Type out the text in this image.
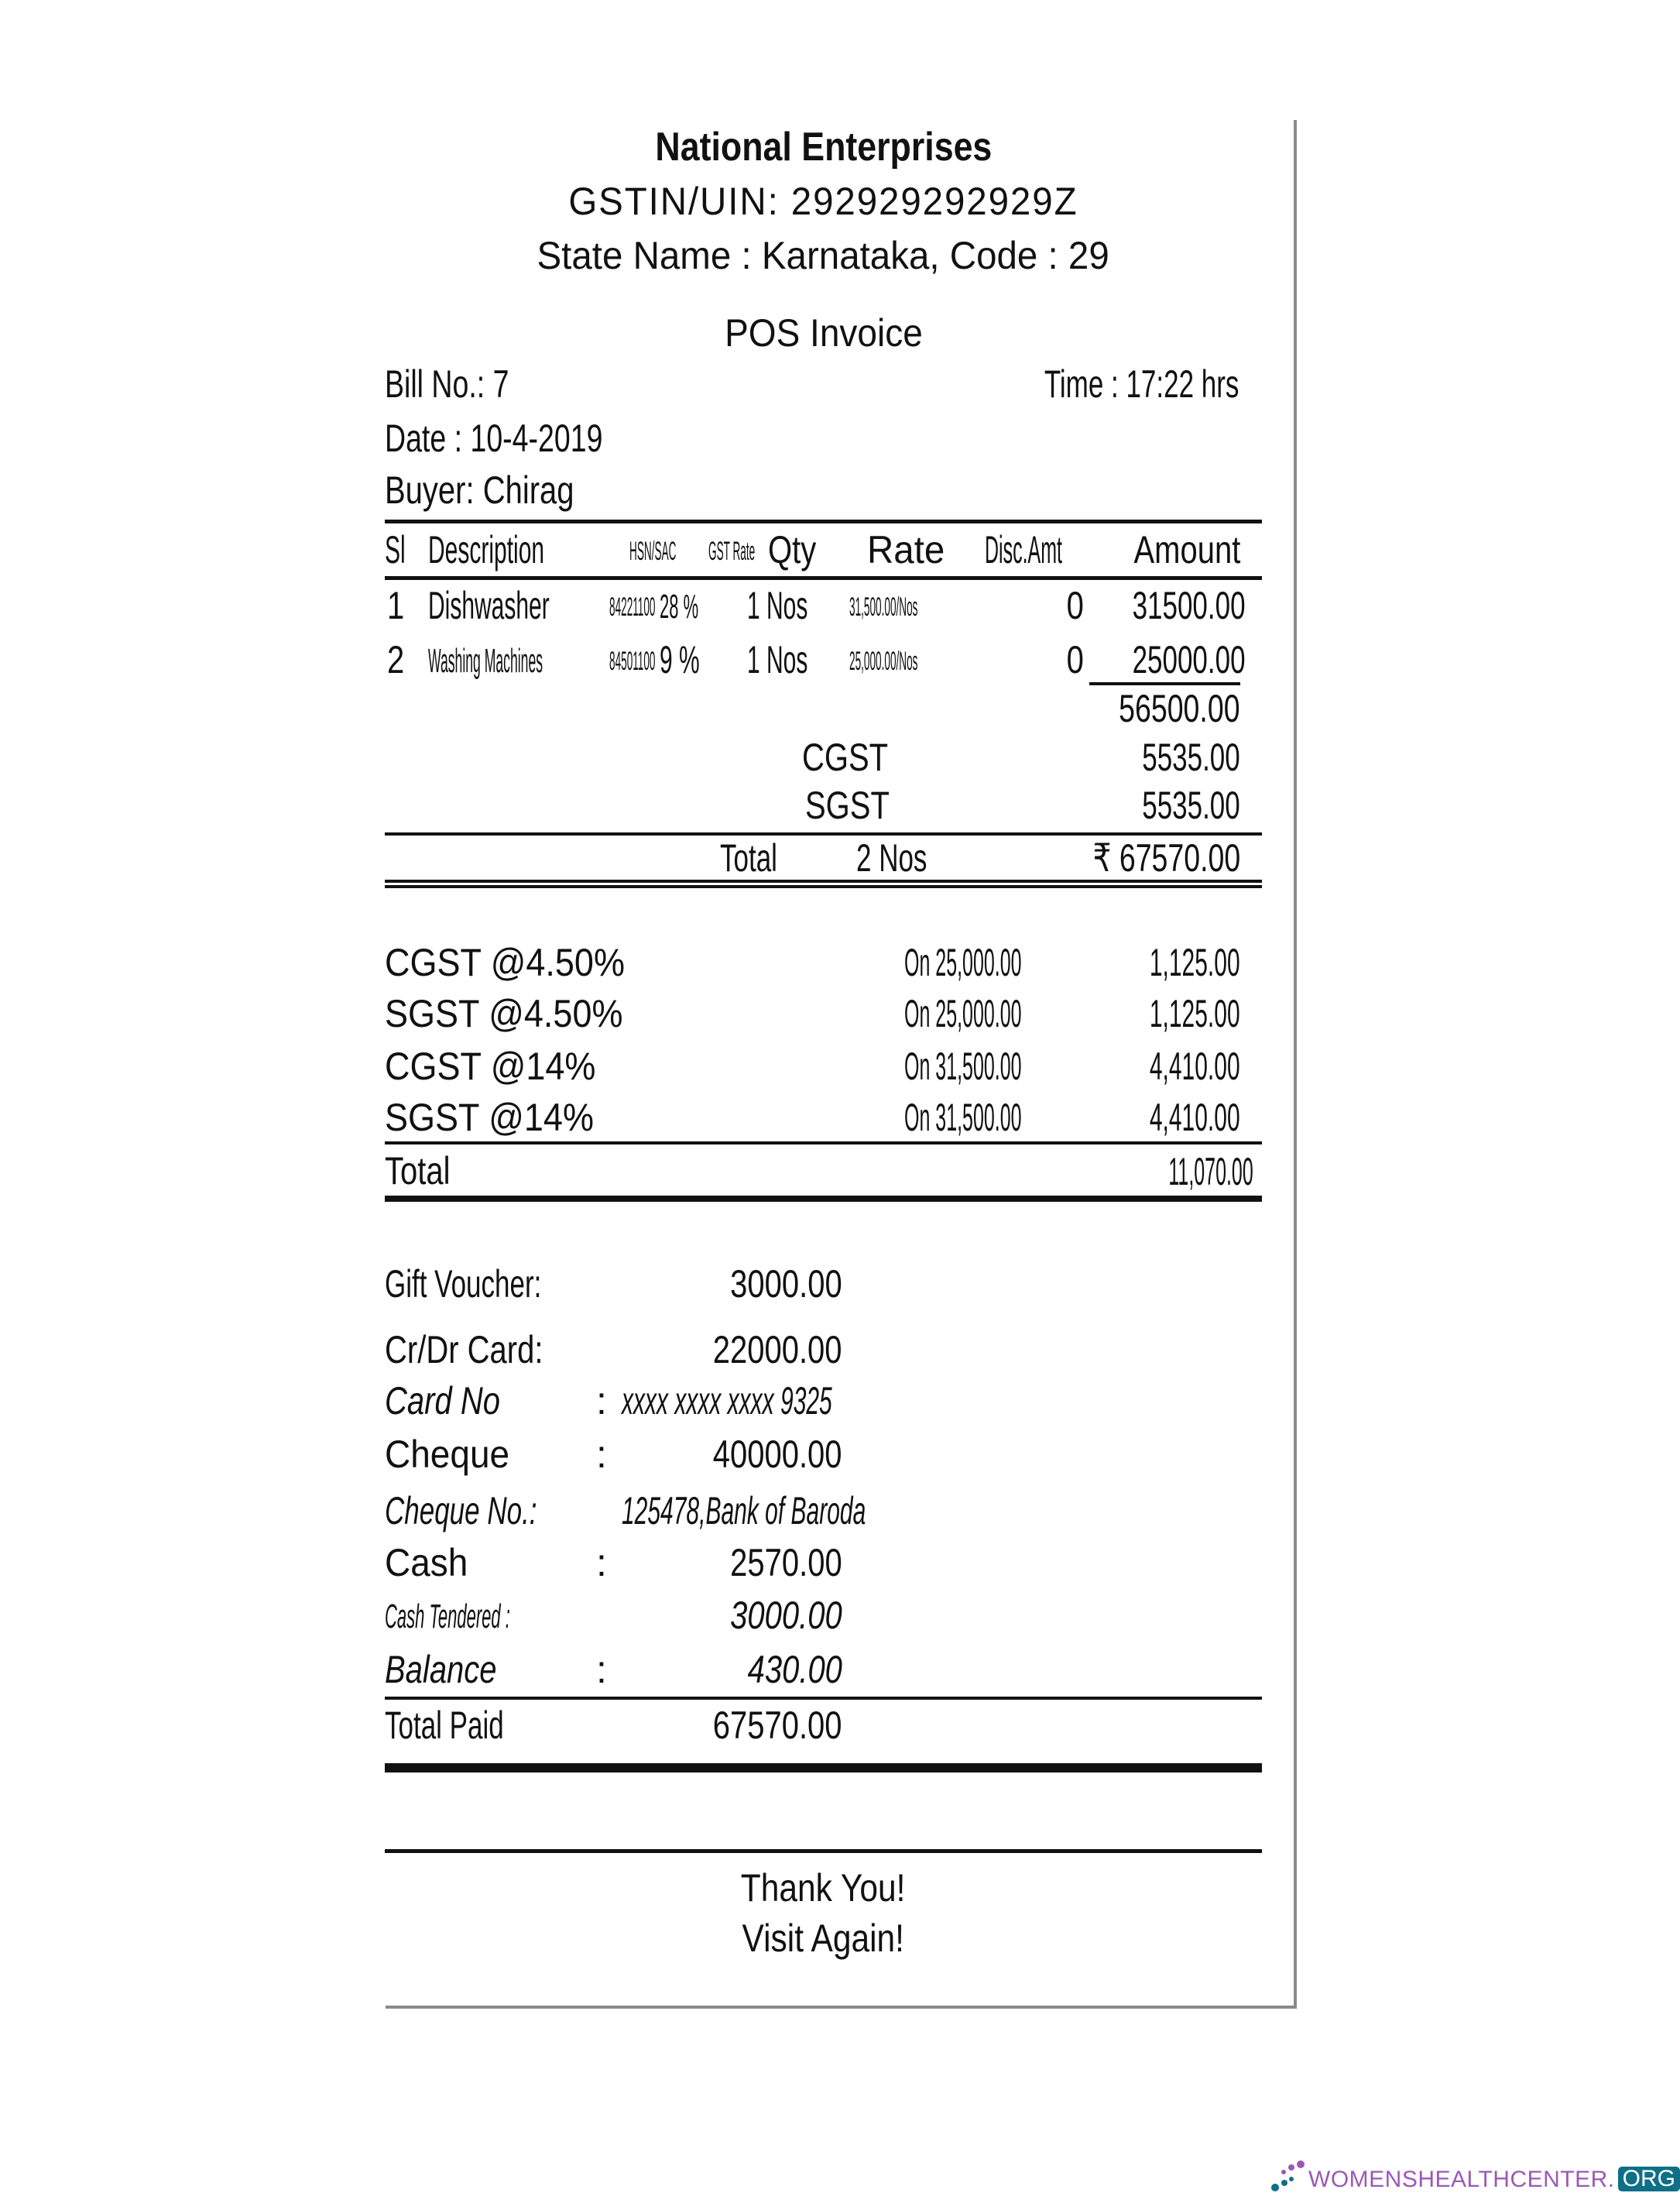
National Enterprises
GSTIN/UIN: 292929292929Z
State Name : Karnataka, Code : 29
POS Invoice
Bill No.: 7	Time : 17:22 hrs
Date : 10-4-2019
Buyer: Chirag
Sl Description	HSN/SAC	GST Rate Qty	Rate Disc.Amt	Amount
1 Dishwasher	84221100 28 %	1 Nos	31,500.00/Nos	0	31500.00
2 Washing Machines	84501100 9 %	1 Nos	25,000.00/Nos	0	25000.00
56500.00
CGST	5535.00
SGST	5535.00
Total	2 Nos	₹ 67570.00
CGST @4.50%	On 25,000.00	1,125.00
SGST @4.50%	On 25,000.00	1,125.00
CGST @14%	On 31,500.00	4,410.00
SGST @14%	On 31,500.00	4,410.00
Total	11,070.00
Gift Voucher:	3000.00
Cr/Dr Card:	22000.00
Card No	: xxxx xxxx xxxx 9325
Cheque :	40000.00
Cheque No.:	125478,Bank of Baroda
Cash	:	2570.00
Cash Tendered :	3000.00
Balance	:	430.00
Total Paid	67570.00
Thank You!
Visit Again!
WOMENSHEALTHCENTER. ORG
